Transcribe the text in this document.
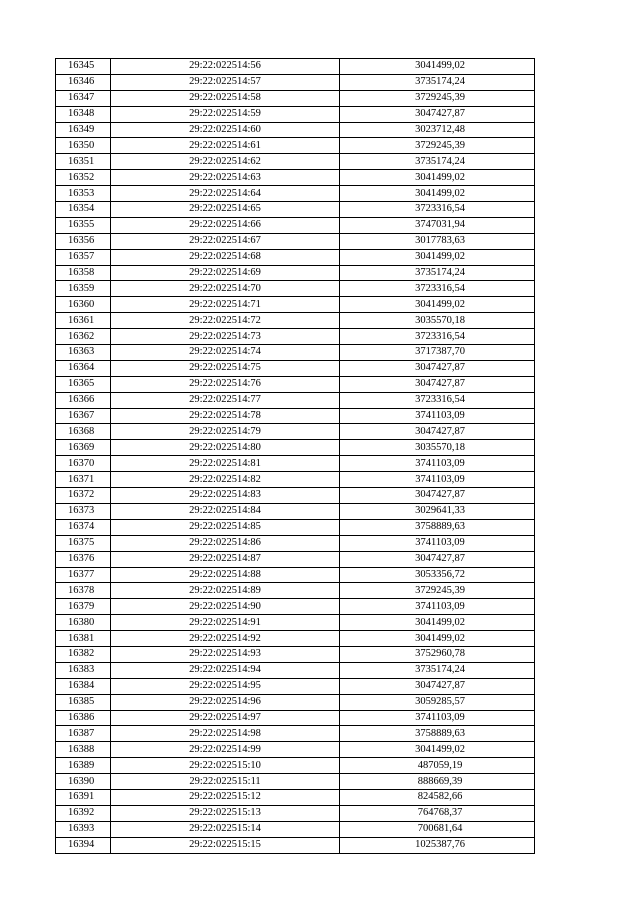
16345	29:22:022514:56	3041499,02
16346	29:22:022514:57	3735174,24
16347	29:22:022514:58	3729245,39
16348	29:22:022514:59	3047427,87
16349	29:22:022514:60	3023712,48
16350	29:22:022514:61	3729245,39
16351	29:22:022514:62	3735174,24
16352	29:22:022514:63	3041499,02
16353	29:22:022514:64	3041499,02
16354	29:22:022514:65	3723316,54
16355	29:22:022514:66	3747031,94
16356	29:22:022514:67	3017783,63
16357	29:22:022514:68	3041499,02
16358	29:22:022514:69	3735174,24
16359	29:22:022514:70	3723316,54
16360	29:22:022514:71	3041499,02
16361	29:22:022514:72	3035570,18
16362	29:22:022514:73	3723316,54
16363	29:22:022514:74	3717387,70
16364	29:22:022514:75	3047427,87
16365	29:22:022514:76	3047427,87
16366	29:22:022514:77	3723316,54
16367	29:22:022514:78	3741103,09
16368	29:22:022514:79	3047427,87
16369	29:22:022514:80	3035570,18
16370	29:22:022514:81	3741103,09
16371	29:22:022514:82	3741103,09
16372	29:22:022514:83	3047427,87
16373	29:22:022514:84	3029641,33
16374	29:22:022514:85	3758889,63
16375	29:22:022514:86	3741103,09
16376	29:22:022514:87	3047427,87
16377	29:22:022514:88	3053356,72
16378	29:22:022514:89	3729245,39
16379	29:22:022514:90	3741103,09
16380	29:22:022514:91	3041499,02
16381	29:22:022514:92	3041499,02
16382	29:22:022514:93	3752960,78
16383	29:22:022514:94	3735174,24
16384	29:22:022514:95	3047427,87
16385	29:22:022514:96	3059285,57
16386	29:22:022514:97	3741103,09
16387	29:22:022514:98	3758889,63
16388	29:22:022514:99	3041499,02
16389	29:22:022515:10	487059,19
16390	29:22:022515:11	888669,39
16391	29:22:022515:12	824582,66
16392	29:22:022515:13	764768,37
16393	29:22:022515:14	700681,64
16394	29:22:022515:15	1025387,76
